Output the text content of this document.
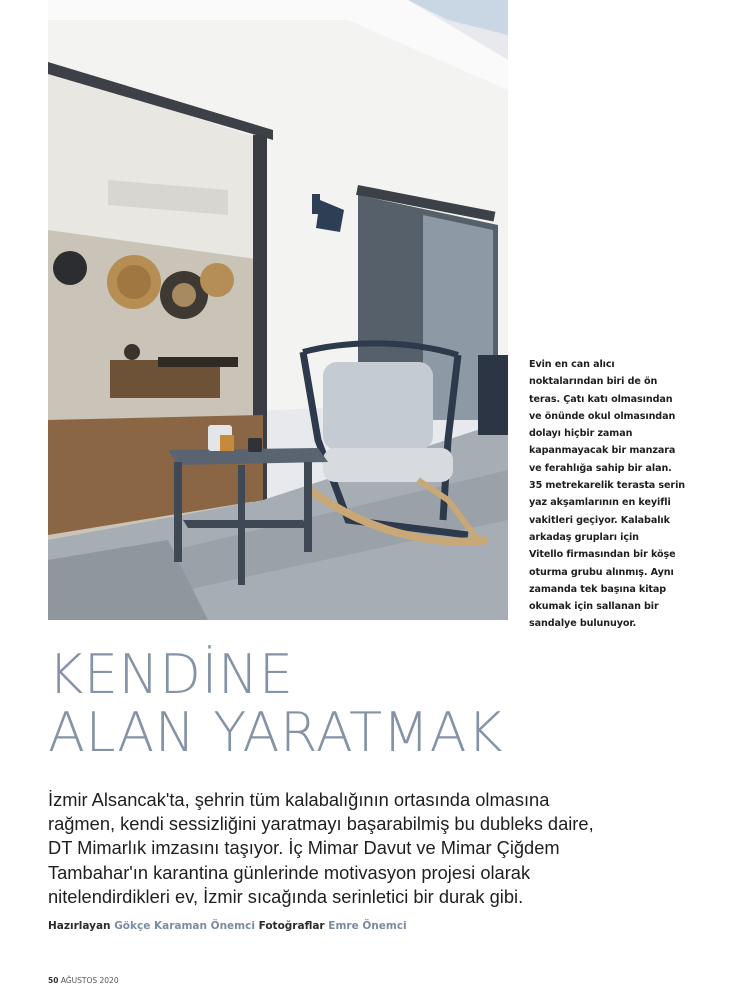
Evin en can alıcı
noktalarından biri de ön
teras. Çatı katı olmasından
ve önünde okul olmasından
dolayı hiçbir zaman
kapanmayacak bir manzara
ve ferahlığa sahip bir alan.
35 metrekarelik terasta serin
yaz akşamlarının en keyifli
vakitleri geçiyor. Kalabalık
arkadaş grupları için
Vitello firmasından bir köşe
oturma grubu alınmış. Aynı
zamanda tek başına kitap
okumak için sallanan bir
sandalye bulunuyor.
KENDİNE
ALAN YARATMAK
İzmir Alsancak'ta, şehrin tüm kalabalığının ortasında olmasına
rağmen, kendi sessizliğini yaratmayı başarabilmiş bu dubleks daire,
DT Mimarlık imzasını taşıyor. İç Mimar Davut ve Mimar Çiğdem
Tambahar'ın karantina günlerinde motivasyon projesi olarak
nitelendirdikleri ev, İzmir sıcağında serinletici bir durak gibi.
Hazırlayan Gökçe Karaman Önemci Fotoğraflar Emre Önemci
50 AĞUSTOS 2020
